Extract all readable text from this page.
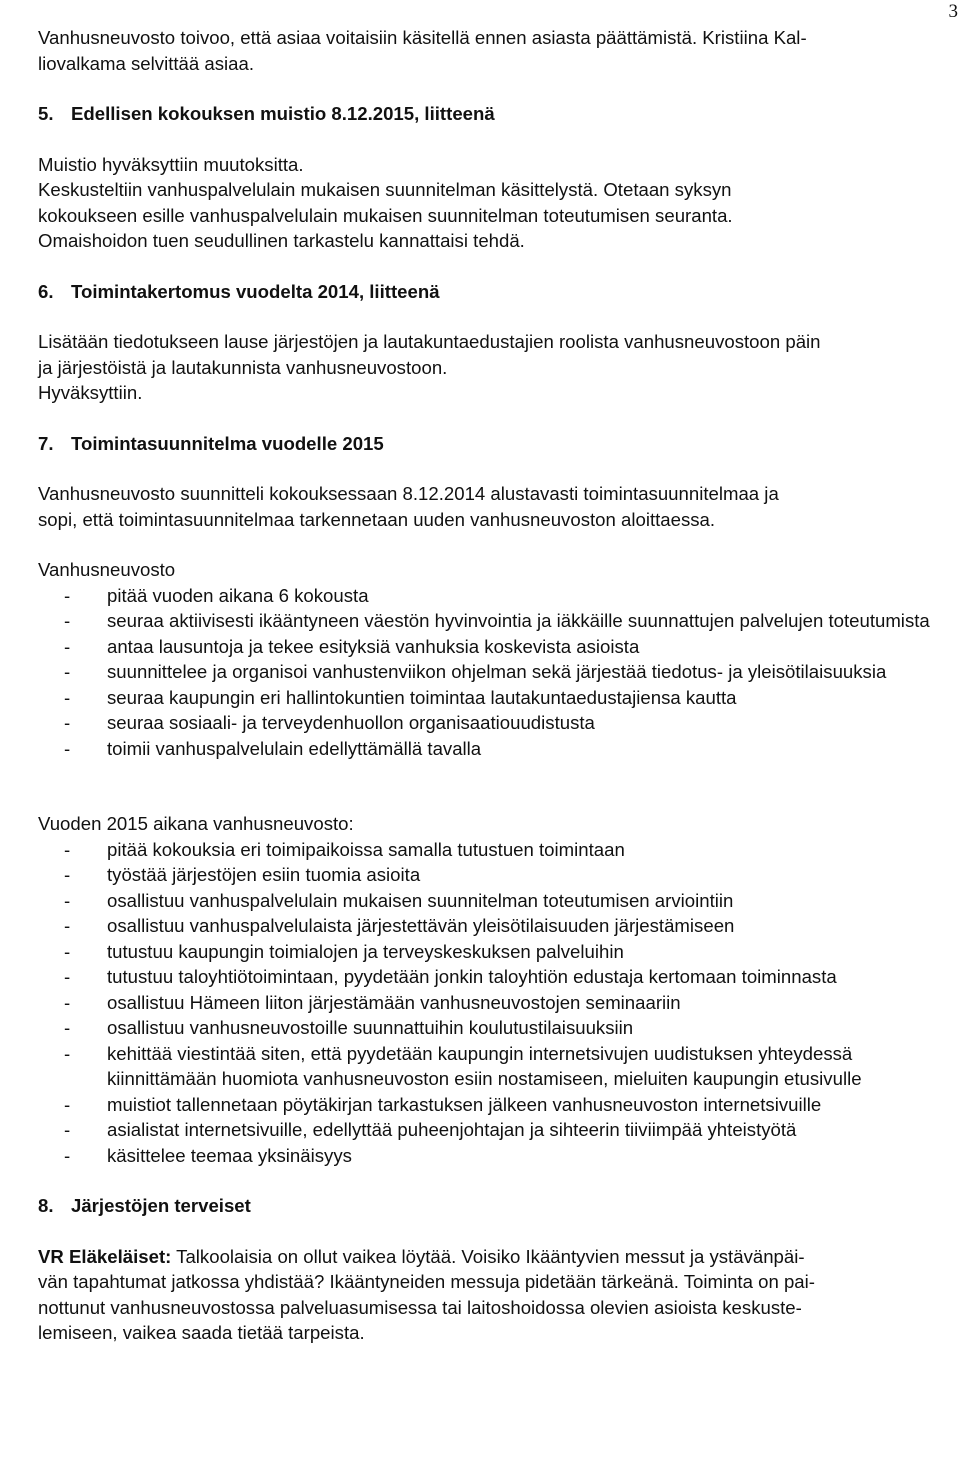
3

Vanhusneuvosto toivoo, että asiaa voitaisiin käsitellä ennen asiasta päättämistä. Kristiina Kal-

liovalkama selvittää asiaa.

5. Edellisen kokouksen muistio 8.12.2015, liitteenä

Muistio hyväksyttiin muutoksitta.

Keskusteltiin vanhuspalvelulain mukaisen suunnitelman käsittelystä. Otetaan syksyn

kokoukseen esille vanhuspalvelulain mukaisen suunnitelman toteutumisen seuranta.

Omaishoidon tuen seudullinen tarkastelu kannattaisi tehdä.

6. Toimintakertomus vuodelta 2014, liitteenä

Lisätään tiedotukseen lause järjestöjen ja lautakuntaedustajien roolista vanhusneuvostoon päin

ja järjestöistä ja lautakunnista vanhusneuvostoon.

Hyväksyttiin.

7. Toimintasuunnitelma vuodelle 2015

Vanhusneuvosto suunnitteli kokouksessaan 8.12.2014 alustavasti toimintasuunnitelmaa ja

sopi, että toimintasuunnitelmaa tarkennetaan uuden vanhusneuvoston aloittaessa.

Vanhusneuvosto

- pitää vuoden aikana 6 kokousta
- seuraa aktiivisesti ikääntyneen väestön hyvinvointia ja iäkkäille suunnattujen palvelujen toteutumista
- antaa lausuntoja ja tekee esityksiä vanhuksia koskevista asioista
- suunnittelee ja organisoi vanhustenviikon ohjelman sekä järjestää tiedotus- ja yleisötilaisuuksia
- seuraa kaupungin eri hallintokuntien toimintaa lautakuntaedustajiensa kautta
- seuraa sosiaali- ja terveydenhuollon organisaatiouudistusta
- toimii vanhuspalvelulain edellyttämällä tavalla

Vuoden 2015 aikana vanhusneuvosto:

- pitää kokouksia eri toimipaikoissa samalla tutustuen toimintaan
- työstää järjestöjen esiin tuomia asioita
- osallistuu vanhuspalvelulain mukaisen suunnitelman toteutumisen arviointiin
- osallistuu vanhuspalvelulaista järjestettävän yleisötilaisuuden järjestämiseen
- tutustuu kaupungin toimialojen ja terveyskeskuksen palveluihin
- tutustuu taloyhtiötoimintaan, pyydetään jonkin taloyhtiön edustaja kertomaan toiminnasta
- osallistuu Hämeen liiton järjestämään vanhusneuvostojen seminaariin
- osallistuu vanhusneuvostoille suunnattuihin koulutustilaisuuksiin
- kehittää viestintää siten, että pyydetään kaupungin internetsivujen uudistuksen yhteydessä kiinnittämään huomiota vanhusneuvoston esiin nostamiseen, mieluiten kaupungin etusivulle
- muistiot tallennetaan pöytäkirjan tarkastuksen jälkeen vanhusneuvoston internetsivuille
- asialistat internetsivuille, edellyttää puheenjohtajan ja sihteerin tiiviimpää yhteistyötä
- käsittelee teemaa yksinäisyys
8. Järjestöjen terveiset

VR Eläkeläiset: Talkoolaisia on ollut vaikea löytää. Voisiko Ikääntyvien messut ja ystävänpäi-

vän tapahtumat jatkossa yhdistää? Ikääntyneiden messuja pidetään tärkeänä. Toiminta on pai-

nottunut vanhusneuvostossa palveluasumisessa tai laitoshoidossa olevien asioista keskuste-

lemiseen, vaikea saada tietää tarpeista.
